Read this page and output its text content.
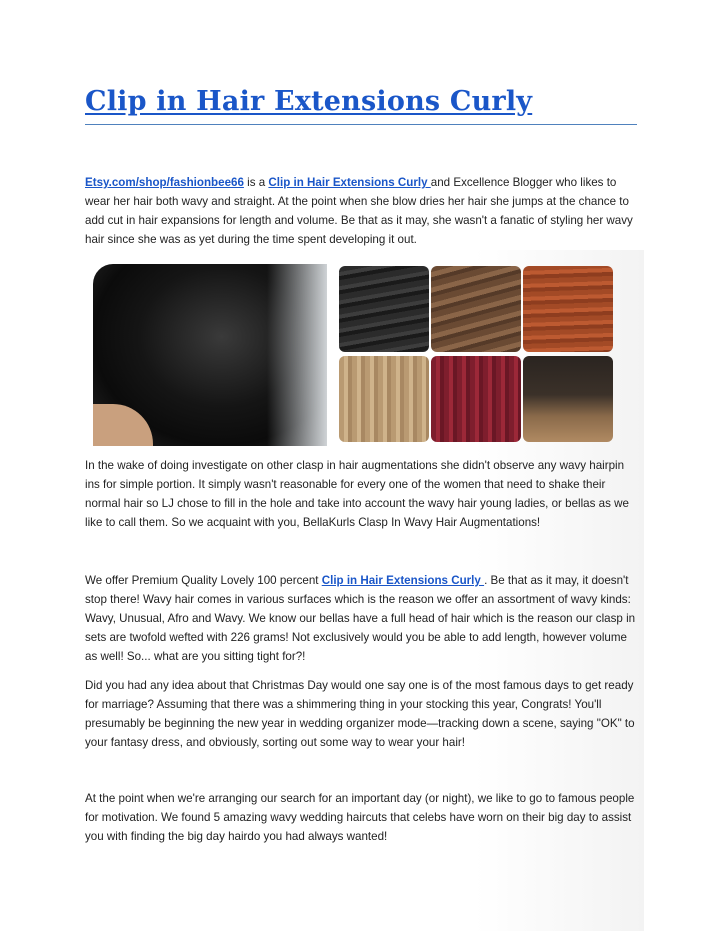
Clip in Hair Extensions Curly
Etsy.com/shop/fashionbee66 is a Clip in Hair Extensions Curly and Excellence Blogger who likes to wear her hair both wavy and straight. At the point when she blow dries her hair she jumps at the chance to add cut in hair expansions for length and volume. Be that as it may, she wasn't a fanatic of styling her wavy hair since she was as yet during the time spent developing it out.
In the wake of doing investigate on other clasp in hair augmentations she didn't observe any wavy hairpin ins for simple portion. It simply wasn't reasonable for every one of the women that need to shake their normal hair so LJ chose to fill in the hole and take into account the wavy hair young ladies, or bellas as we like to call them. So we acquaint with you, BellaKurls Clasp In Wavy Hair Augmentations!
We offer Premium Quality Lovely 100 percent Clip in Hair Extensions Curly . Be that as it may, it doesn't stop there! Wavy hair comes in various surfaces which is the reason we offer an assortment of wavy kinds: Wavy, Unusual, Afro and Wavy. We know our bellas have a full head of hair which is the reason our clasp in sets are twofold wefted with 226 grams! Not exclusively would you be able to add length, however volume as well! So... what are you sitting tight for?!
Did you had any idea about that Christmas Day would one say one is of the most famous days to get ready for marriage? Assuming that there was a shimmering thing in your stocking this year, Congrats! You'll presumably be beginning the new year in wedding organizer mode—tracking down a scene, saying "OK" to your fantasy dress, and obviously, sorting out some way to wear your hair!
At the point when we're arranging our search for an important day (or night), we like to go to famous people for motivation. We found 5 amazing wavy wedding haircuts that celebs have worn on their big day to assist you with finding the big day hairdo you had always wanted!
